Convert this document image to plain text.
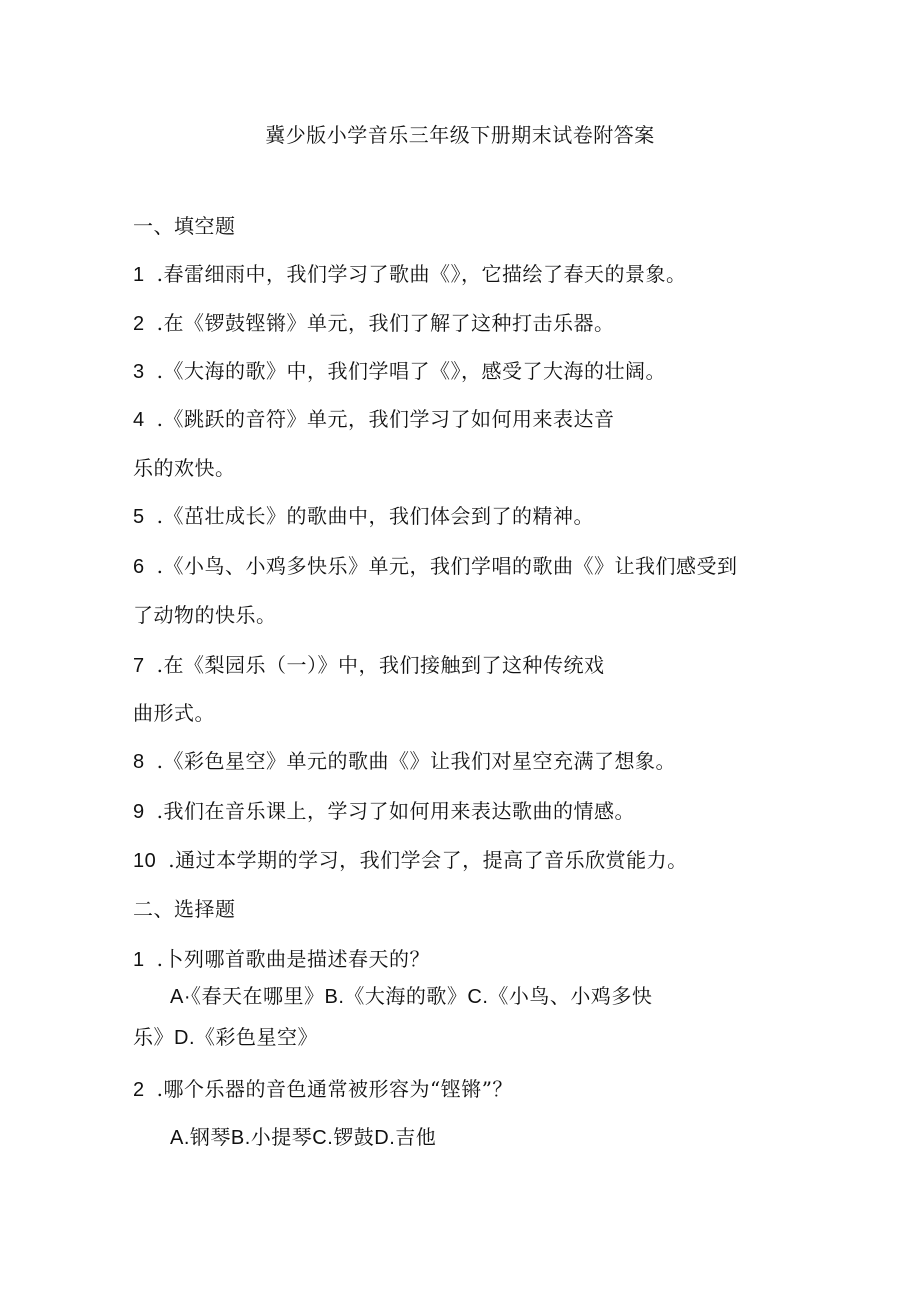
冀少版小学音乐三年级下册期末试卷附答案
一、填空题
1 .春雷细雨中，我们学习了歌曲《》，它描绘了春天的景象。
2 .在《锣鼓铿锵》单元，我们了解了这种打击乐器。
3 .《大海的歌》中，我们学唱了《》，感受了大海的壮阔。
4 .《跳跃的音符》单元，我们学习了如何用来表达音
乐的欢快。
5 .《茁壮成长》的歌曲中，我们体会到了的精神。
6 .《小鸟、小鸡多快乐》单元，我们学唱的歌曲《》让我们感受到
了动物的快乐。
7 .在《梨园乐（一）》中，我们接触到了这种传统戏
曲形式。
8 .《彩色星空》单元的歌曲《》让我们对星空充满了想象。
9 .我们在音乐课上，学习了如何用来表达歌曲的情感。
10 .通过本学期的学习，我们学会了，提高了音乐欣赏能力。
二、选择题
1 .卜列哪首歌曲是描述春天的？
A·《春天在哪里》B.《大海的歌》C.《小鸟、小鸡多快
乐》D.《彩色星空》
2 .哪个乐器的音色通常被形容为“铿锵”？
A.钢琴B.小提琴C.锣鼓D.吉他
